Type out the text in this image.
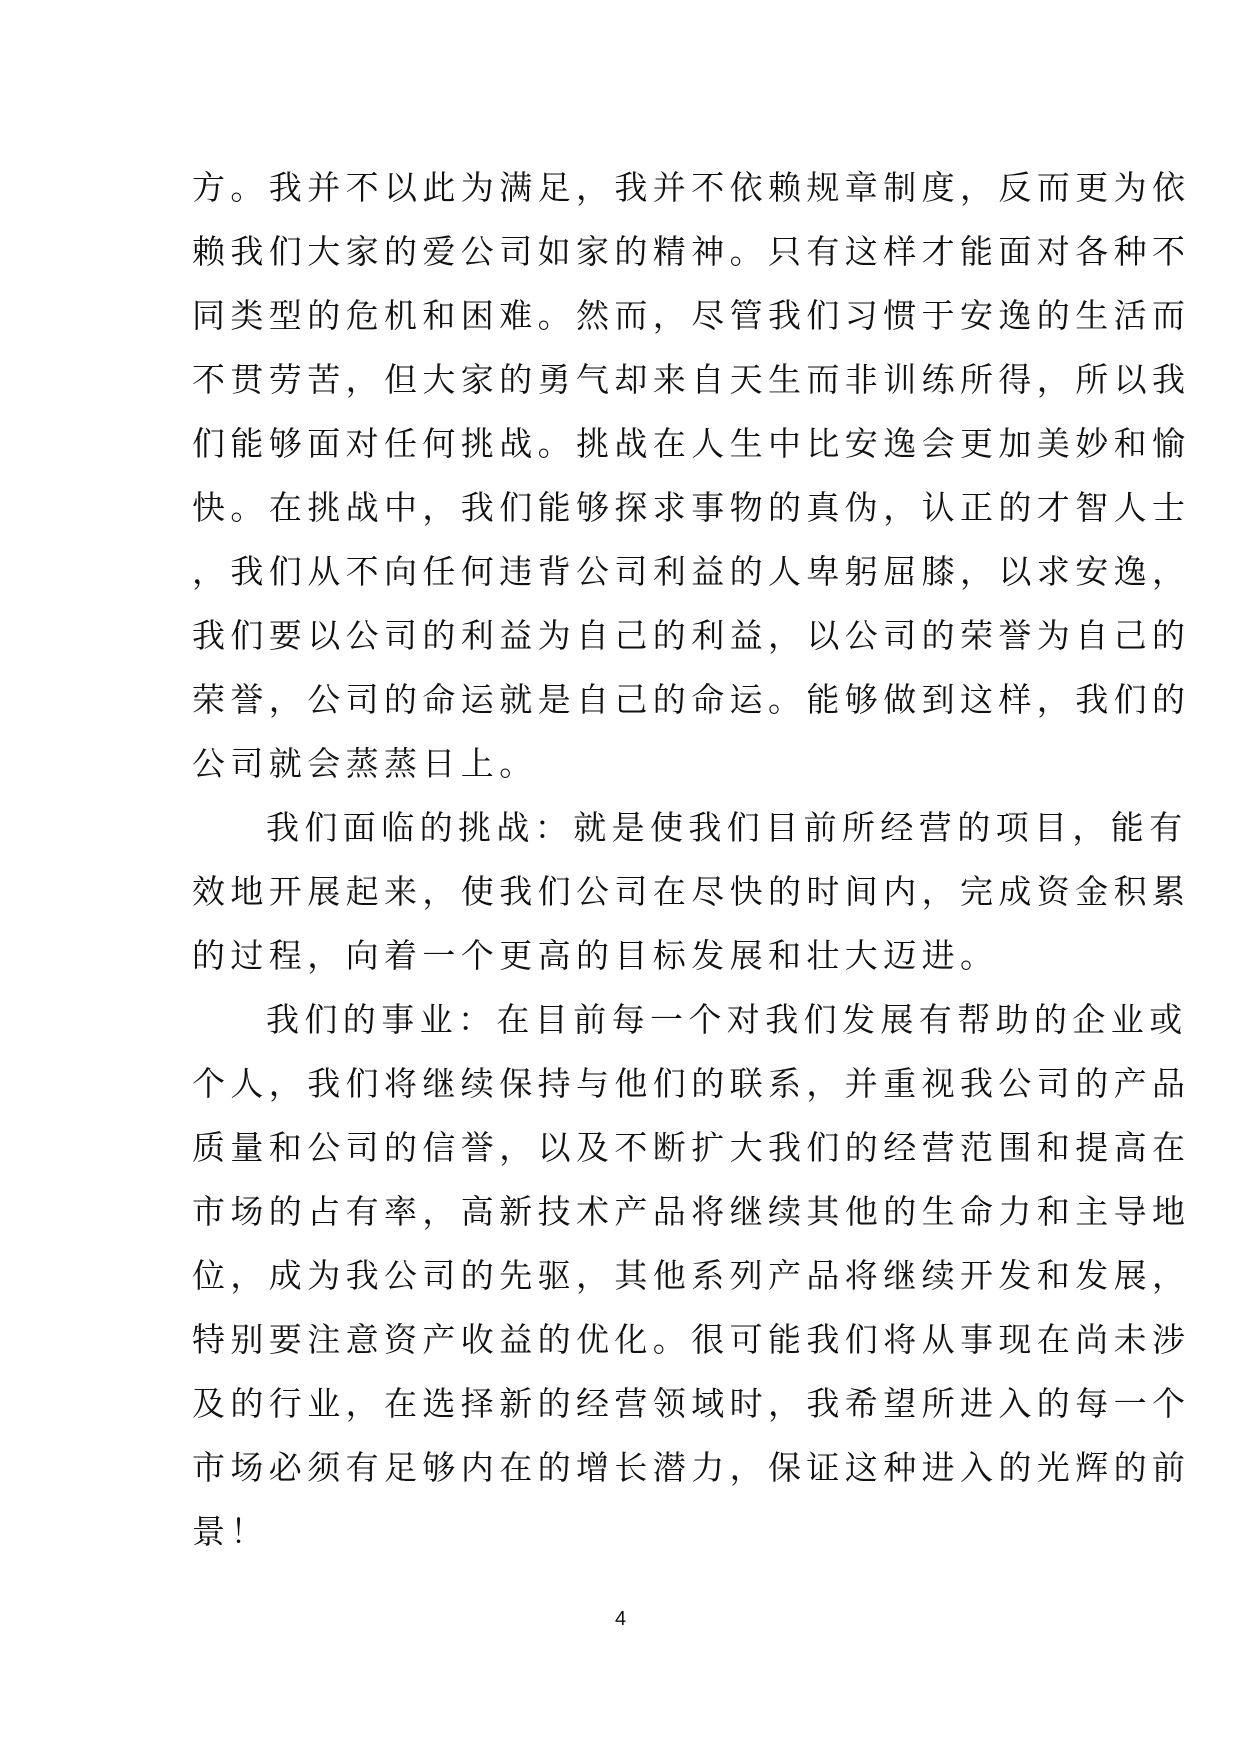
方。我并不以此为满足，我并不依赖规章制度，反而更为依
赖我们大家的爱公司如家的精神。只有这样才能面对各种不
同类型的危机和困难。然而，尽管我们习惯于安逸的生活而
不贯劳苦，但大家的勇气却来自天生而非训练所得，所以我
们能够面对任何挑战。挑战在人生中比安逸会更加美妙和愉
快。在挑战中，我们能够探求事物的真伪，认正的才智人士
，我们从不向任何违背公司利益的人卑躬屈膝，以求安逸，
我们要以公司的利益为自己的利益，以公司的荣誉为自己的
荣誉，公司的命运就是自己的命运。能够做到这样，我们的
公司就会蒸蒸日上。
我们面临的挑战：就是使我们目前所经营的项目，能有
效地开展起来，使我们公司在尽快的时间内，完成资金积累
的过程，向着一个更高的目标发展和壮大迈进。
我们的事业：在目前每一个对我们发展有帮助的企业或
个人，我们将继续保持与他们的联系，并重视我公司的产品
质量和公司的信誉，以及不断扩大我们的经营范围和提高在
市场的占有率，高新技术产品将继续其他的生命力和主导地
位，成为我公司的先驱，其他系列产品将继续开发和发展，
特别要注意资产收益的优化。很可能我们将从事现在尚未涉
及的行业，在选择新的经营领域时，我希望所进入的每一个
市场必须有足够内在的增长潜力，保证这种进入的光辉的前
景！
4
